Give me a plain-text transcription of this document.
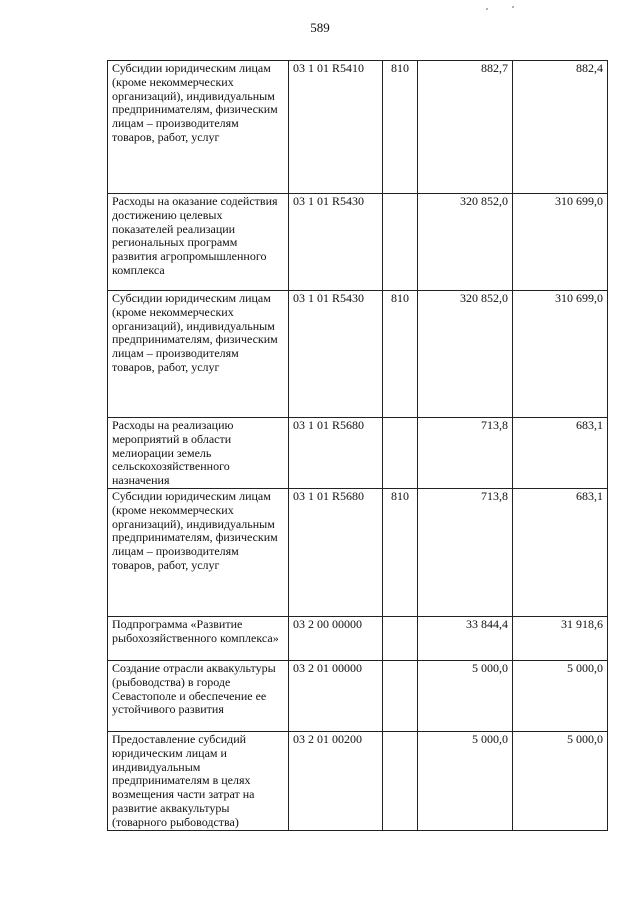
589
Субсидии юридическим лицам (кроме некоммерческих организаций), индивидуальным предпринимателям, физическим лицам – производителям товаров, работ, услуг	03 1 01 R5410	810	882,7	882,4
Расходы на оказание содействия достижению целевых показателей реализации региональных программ развития агропромышленного комплекса	03 1 01 R5430		320 852,0	310 699,0
Субсидии юридическим лицам (кроме некоммерческих организаций), индивидуальным предпринимателям, физическим лицам – производителям товаров, работ, услуг	03 1 01 R5430	810	320 852,0	310 699,0
Расходы на реализацию мероприятий в области мелиорации земель сельскохозяйственного назначения	03 1 01 R5680		713,8	683,1
Субсидии юридическим лицам (кроме некоммерческих организаций), индивидуальным предпринимателям, физическим лицам – производителям товаров, работ, услуг	03 1 01 R5680	810	713,8	683,1
Подпрограмма «Развитие рыбохозяйственного комплекса»	03 2 00 00000		33 844,4	31 918,6
Создание отрасли аквакультуры (рыбоводства) в городе Севастополе и обеспечение ее устойчивого развития	03 2 01 00000		5 000,0	5 000,0
Предоставление субсидий юридическим лицам и индивидуальным предпринимателям в целях возмещения части затрат на развитие аквакультуры (товарного рыбоводства)	03 2 01 00200		5 000,0	5 000,0
